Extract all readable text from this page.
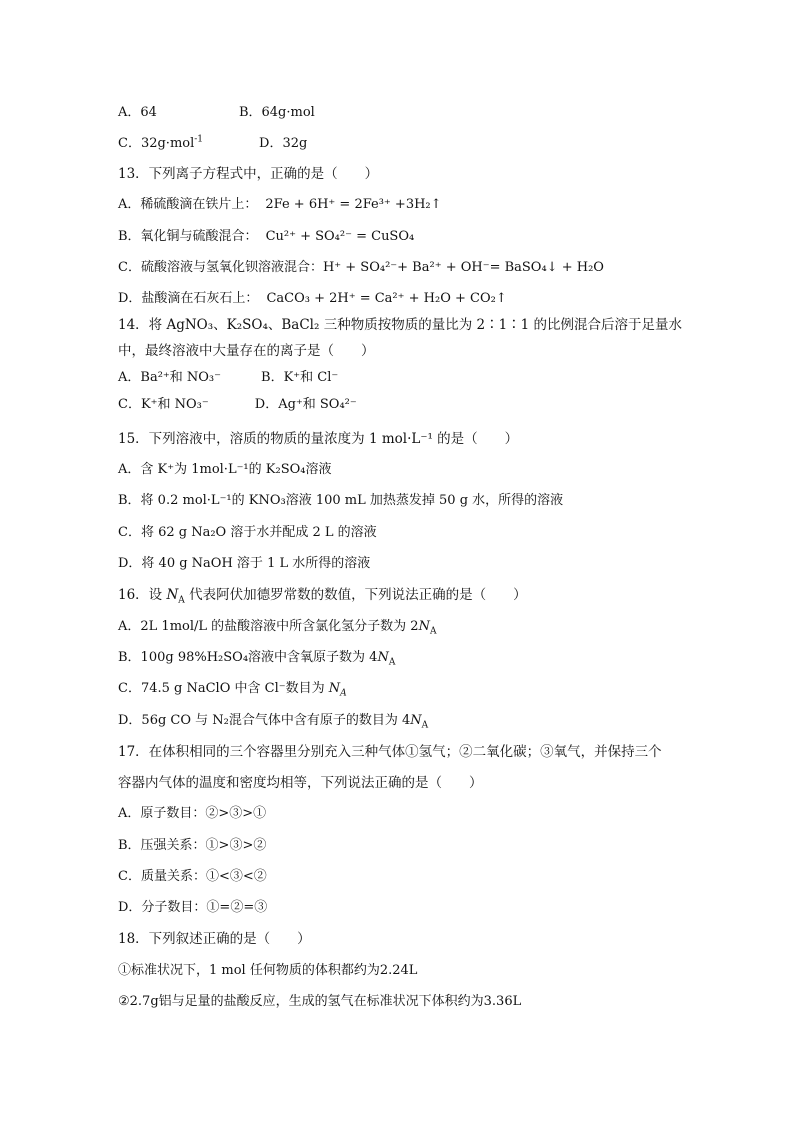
A．64	B．64g·mol
C．32g·mol$^{-1}$	D．32g
13．下列离子方程式中，正确的是（　　）
A．稀硫酸滴在铁片上： 2Fe + 6H⁺ = 2Fe³⁺ +3H₂↑
B．氧化铜与硫酸混合： Cu²⁺ + SO₄²⁻ = CuSO₄
C．硫酸溶液与氢氧化钡溶液混合：H⁺ + SO₄²⁻+ Ba²⁺ + OH⁻= BaSO₄↓ + H₂O
D．盐酸滴在石灰石上： CaCO₃ + 2H⁺ = Ca²⁺ + H₂O + CO₂↑
14．将 AgNO₃、K₂SO₄、BaCl₂ 三种物质按物质的量比为 2∶1∶1 的比例混合后溶于足量水
中，最终溶液中大量存在的离子是（　　）
A．Ba²⁺和 NO₃⁻	B．K⁺和 Cl⁻
C．K⁺和 NO₃⁻	D．Ag⁺和 SO₄²⁻
15．下列溶液中，溶质的物质的量浓度为 1 mol·L⁻¹ 的是（　　）
A．含 K⁺为 1mol·L⁻¹的 K₂SO₄溶液
B．将 0.2 mol·L⁻¹的 KNO₃溶液 100 mL 加热蒸发掉 50 g 水，所得的溶液
C．将 62 g Na₂O 溶于水并配成 2 L 的溶液
D．将 40 g NaOH 溶于 1 L 水所得的溶液
16．设 $N_A$ 代表阿伏加德罗常数的数值，下列说法正确的是（　　）
A．2L 1mol/L 的盐酸溶液中所含氯化氢分子数为 $2N_A$
B．100g 98%H₂SO₄溶液中含氧原子数为 $4N_A$
C．74.5 g NaClO 中含 Cl⁻数目为 $N_A$
D．56g CO 与 N₂混合气体中含有原子的数目为 $4N_A$
17．在体积相同的三个容器里分别充入三种气体①氢气；②二氧化碳；③氧气，并保持三个
容器内气体的温度和密度均相等，下列说法正确的是（　　）
A．原子数目：②>③>①
B．压强关系：①>③>②
C．质量关系：①<③<②
D．分子数目：①=②=③
18．下列叙述正确的是（　　）
①标准状况下，1 mol 任何物质的体积都约为2.24L
②2.7g铝与足量的盐酸反应，生成的氢气在标准状况下体积约为3.36L
